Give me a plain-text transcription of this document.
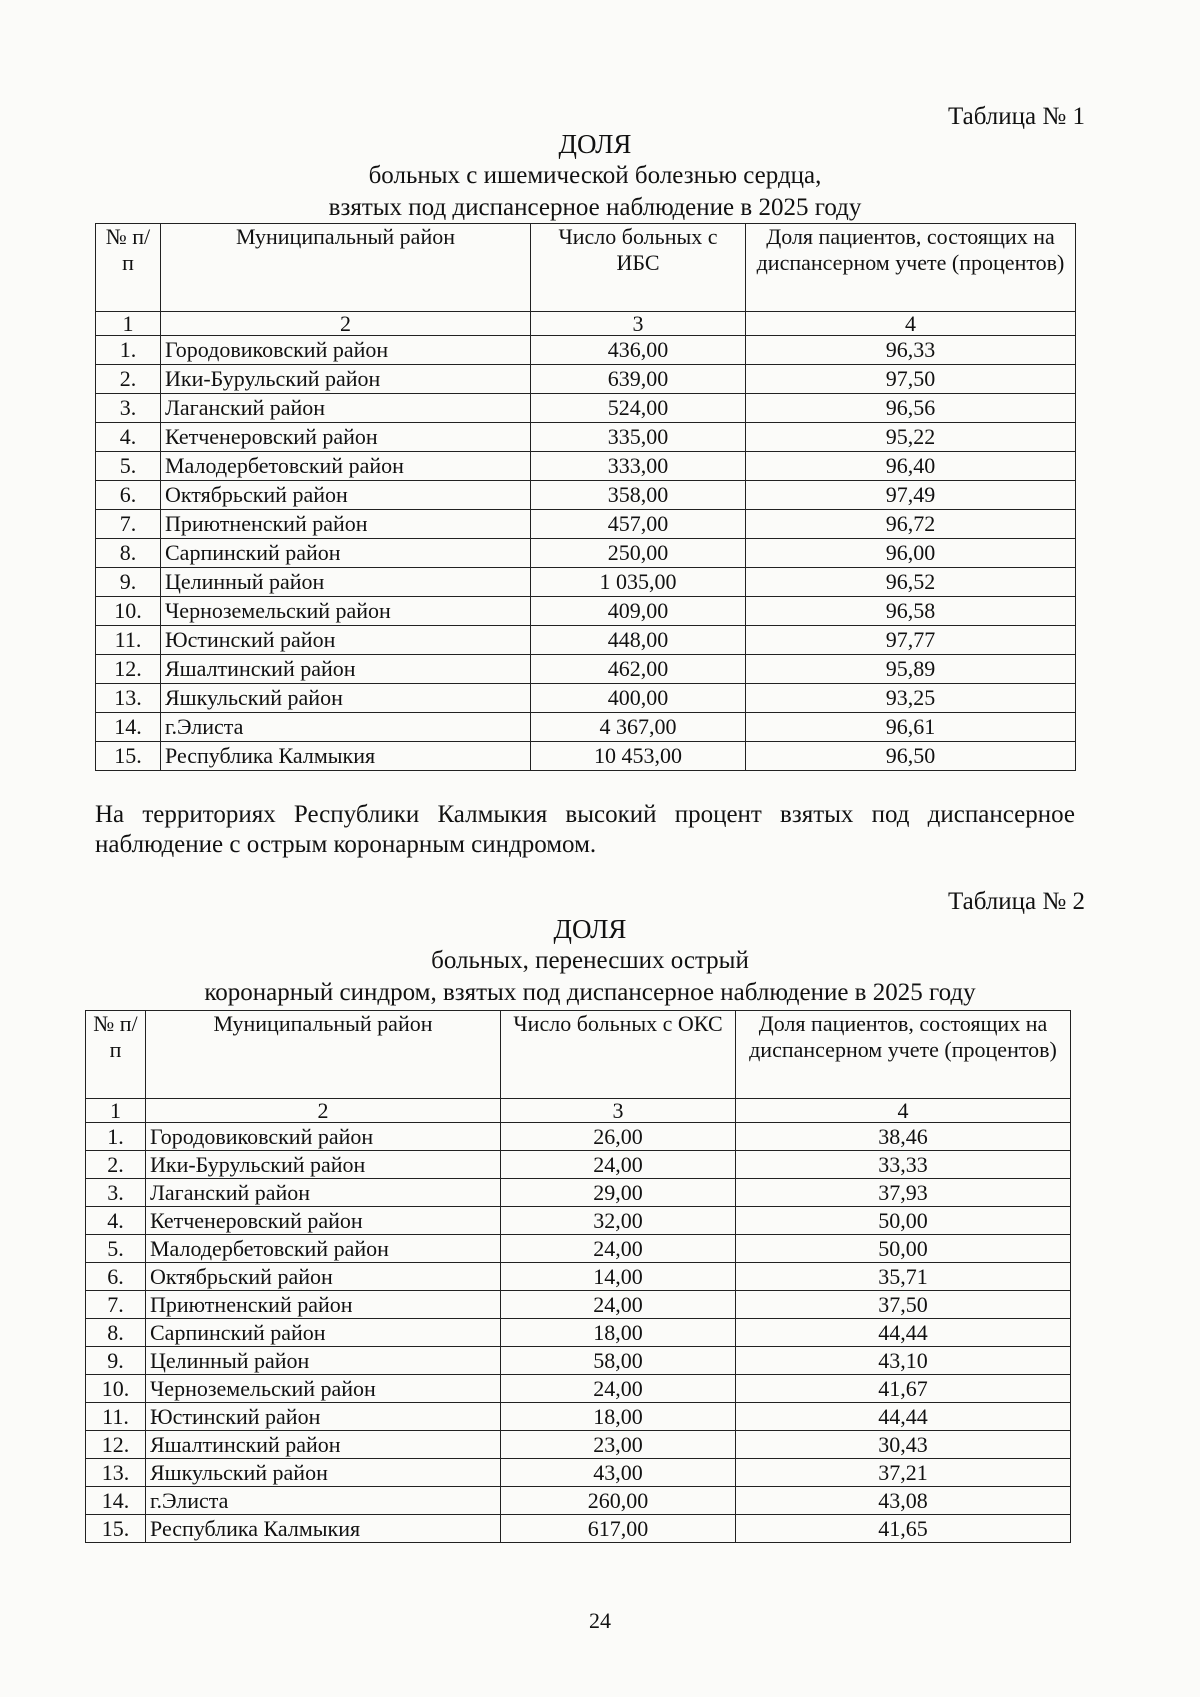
Таблица № 1
ДОЛЯ
больных с ишемической болезнью сердца,
взятых под диспансерное наблюдение в 2025 году
№ п/п	Муниципальный район	Число больных с ИБС	Доля пациентов, состоящих на диспансерном учете (процентов)
1	2	3	4
1.	Городовиковский район	436,00	96,33
2.	Ики-Бурульский район	639,00	97,50
3.	Лаганский район	524,00	96,56
4.	Кетченеровский район	335,00	95,22
5.	Малодербетовский район	333,00	96,40
6.	Октябрьский район	358,00	97,49
7.	Приютненский район	457,00	96,72
8.	Сарпинский район	250,00	96,00
9.	Целинный район	1 035,00	96,52
10.	Черноземельский район	409,00	96,58
11.	Юстинский район	448,00	97,77
12.	Яшалтинский район	462,00	95,89
13.	Яшкульский район	400,00	93,25
14.	г.Элиста	4 367,00	96,61
15.	Республика Калмыкия	10 453,00	96,50
На территориях Республики Калмыкия высокий процент взятых под диспансерное наблюдение с острым коронарным синдромом.
Таблица № 2
ДОЛЯ
больных, перенесших острый
коронарный синдром, взятых под диспансерное наблюдение в 2025 году
№ п/п	Муниципальный район	Число больных с ОКС	Доля пациентов, состоящих на диспансерном учете (процентов)
1	2	3	4
1.	Городовиковский район	26,00	38,46
2.	Ики-Бурульский район	24,00	33,33
3.	Лаганский район	29,00	37,93
4.	Кетченеровский район	32,00	50,00
5.	Малодербетовский район	24,00	50,00
6.	Октябрьский район	14,00	35,71
7.	Приютненский район	24,00	37,50
8.	Сарпинский район	18,00	44,44
9.	Целинный район	58,00	43,10
10.	Черноземельский район	24,00	41,67
11.	Юстинский район	18,00	44,44
12.	Яшалтинский район	23,00	30,43
13.	Яшкульский район	43,00	37,21
14.	г.Элиста	260,00	43,08
15.	Республика Калмыкия	617,00	41,65
24
